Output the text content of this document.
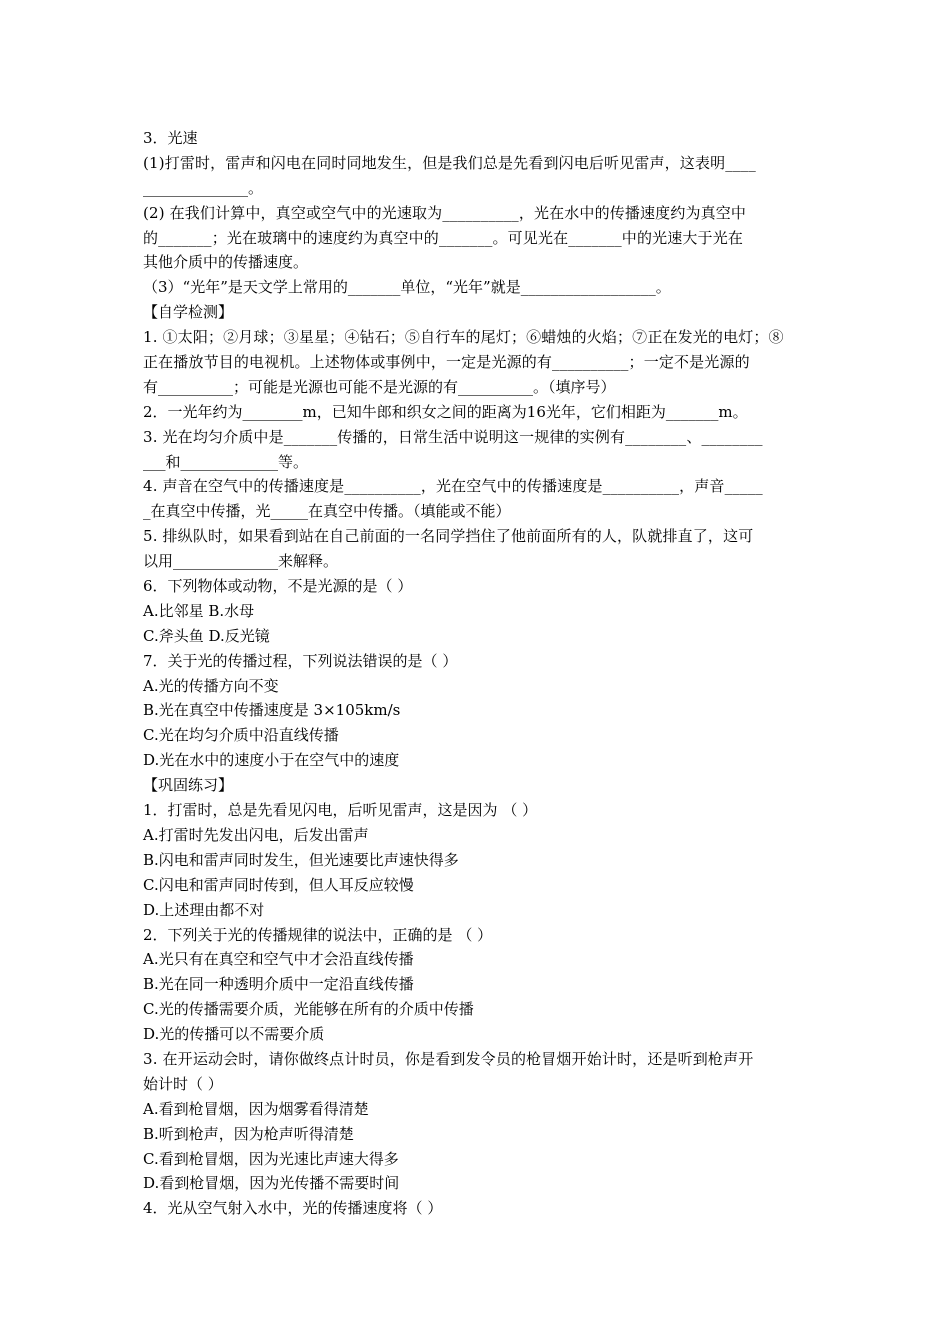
3．光速
(1)打雷时，雷声和闪电在同时同地发生，但是我们总是先看到闪电后听见雷声，这表明____
______________。
(2) 在我们计算中，真空或空气中的光速取为__________，光在水中的传播速度约为真空中
的_______；光在玻璃中的速度约为真空中的_______。可见光在_______中的光速大于光在
其他介质中的传播速度。
（3）“光年”是天文学上常用的_______单位，“光年”就是__________________。
【自学检测】
1. ①太阳；②月球；③星星；④钻石；⑤自行车的尾灯；⑥蜡烛的火焰；⑦正在发光的电灯；⑧
正在播放节目的电视机。上述物体或事例中，一定是光源的有__________；一定不是光源的
有__________；可能是光源也可能不是光源的有__________。（填序号）
2．一光年约为________m，已知牛郎和织女之间的距离为16光年，它们相距为_______m。
3. 光在均匀介质中是_______传播的，日常生活中说明这一规律的实例有________、________
___和_____________等。
4. 声音在空气中的传播速度是__________，光在空气中的传播速度是__________，声音_____
_在真空中传播，光_____在真空中传播。（填能或不能）
5. 排纵队时，如果看到站在自己前面的一名同学挡住了他前面所有的人，队就排直了，这可
以用______________来解释。
6．下列物体或动物，不是光源的是（ ）
A.比邻星 B.水母
C.斧头鱼 D.反光镜
7．关于光的传播过程，下列说法错误的是（ ）
A.光的传播方向不变
B.光在真空中传播速度是 3×105km/s
C.光在均匀介质中沿直线传播
D.光在水中的速度小于在空气中的速度
【巩固练习】
1．打雷时，总是先看见闪电，后听见雷声，这是因为 （ ）
A.打雷时先发出闪电，后发出雷声
B.闪电和雷声同时发生，但光速要比声速快得多
C.闪电和雷声同时传到，但人耳反应较慢
D.上述理由都不对
2．下列关于光的传播规律的说法中，正确的是 （ ）
A.光只有在真空和空气中才会沿直线传播
B.光在同一种透明介质中一定沿直线传播
C.光的传播需要介质，光能够在所有的介质中传播
D.光的传播可以不需要介质
3. 在开运动会时，请你做终点计时员，你是看到发令员的枪冒烟开始计时，还是听到枪声开
始计时（ ）
A.看到枪冒烟，因为烟雾看得清楚
B.听到枪声，因为枪声听得清楚
C.看到枪冒烟，因为光速比声速大得多
D.看到枪冒烟，因为光传播不需要时间
4．光从空气射入水中，光的传播速度将（ ）
